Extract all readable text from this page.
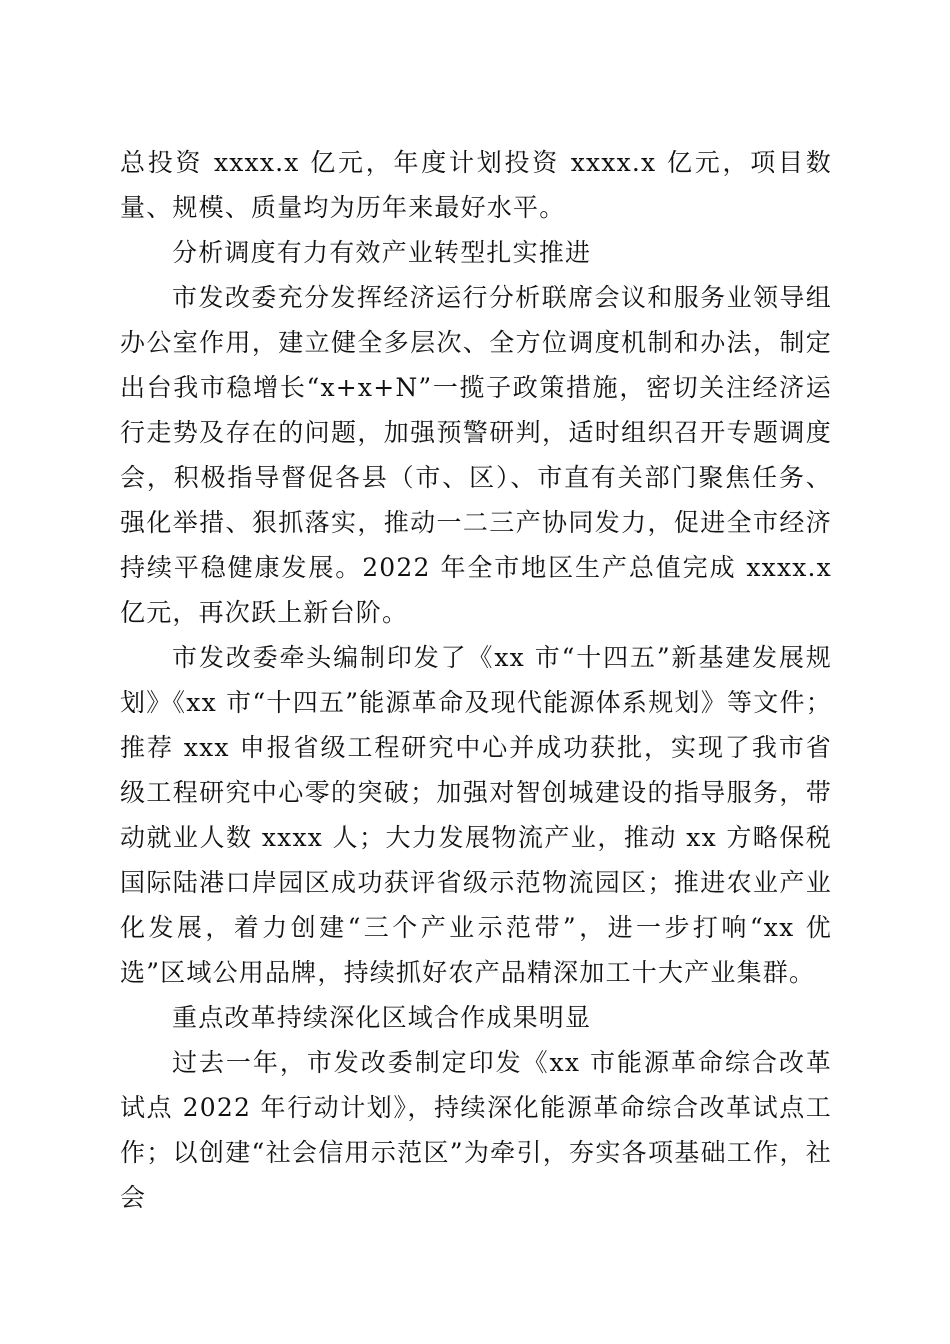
总投资 xxxx.x 亿元，年度计划投资 xxxx.x 亿元，项目数量、规模、质量均为历年来最好水平。

分析调度有力有效产业转型扎实推进

市发改委充分发挥经济运行分析联席会议和服务业领导组办公室作用，建立健全多层次、全方位调度机制和办法，制定出台我市稳增长“x+x+N”一揽子政策措施，密切关注经济运行走势及存在的问题，加强预警研判，适时组织召开专题调度会，积极指导督促各县（市、区）、市直有关部门聚焦任务、强化举措、狠抓落实，推动一二三产协同发力，促进全市经济持续平稳健康发展。2022 年全市地区生产总值完成 xxxx.x 亿元，再次跃上新台阶。

市发改委牵头编制印发了《xx 市“十四五”新基建发展规划》《xx 市“十四五”能源革命及现代能源体系规划》等文件；推荐 xxx 申报省级工程研究中心并成功获批，实现了我市省级工程研究中心零的突破；加强对智创城建设的指导服务，带动就业人数 xxxx 人；大力发展物流产业，推动 xx 方略保税国际陆港口岸园区成功获评省级示范物流园区；推进农业产业化发展，着力创建“三个产业示范带”，进一步打响“xx 优选”区域公用品牌，持续抓好农产品精深加工十大产业集群。

重点改革持续深化区域合作成果明显

过去一年，市发改委制定印发《xx 市能源革命综合改革试点 2022 年行动计划》，持续深化能源革命综合改革试点工作；以创建“社会信用示范区”为牵引，夯实各项基础工作，社会
